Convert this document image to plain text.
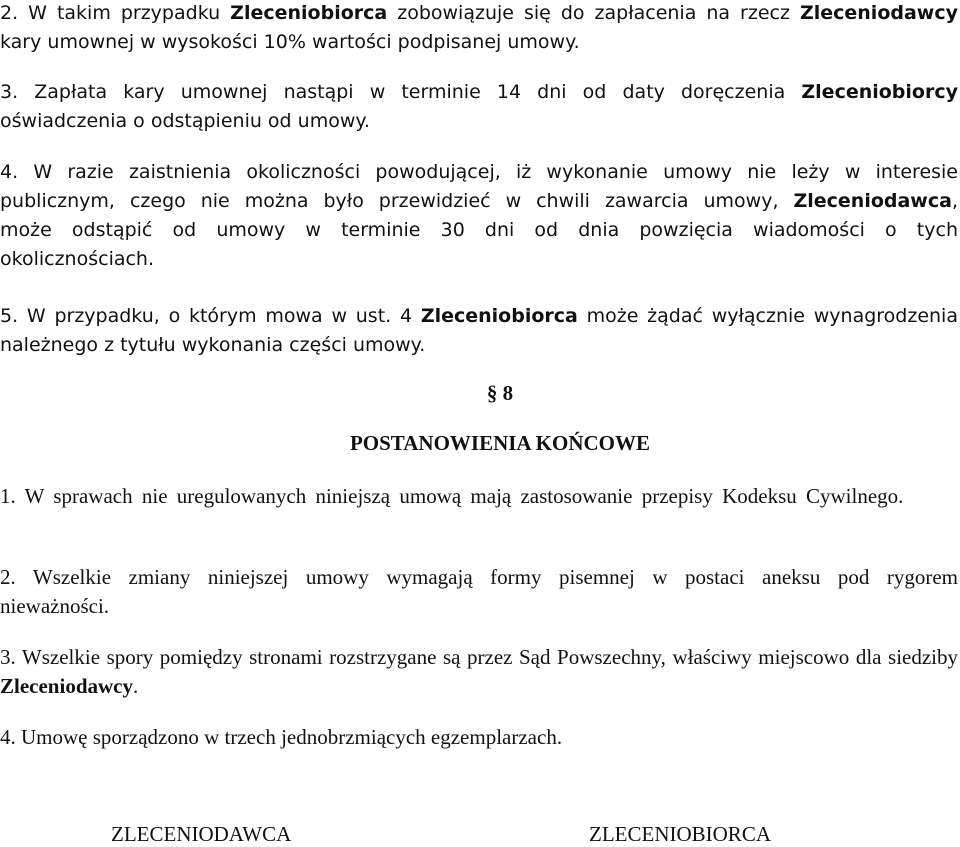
2. W takim przypadku Zleceniobiorca zobowiązuje się do zapłacenia na rzecz Zleceniodawcy kary umownej w wysokości 10% wartości podpisanej umowy.

3. Zapłata kary umownej nastąpi w terminie 14 dni od daty doręczenia Zleceniobiorcy oświadczenia o odstąpieniu od umowy.

4. W razie zaistnienia okoliczności powodującej, iż wykonanie umowy nie leży w interesie publicznym, czego nie można było przewidzieć w chwili zawarcia umowy, Zleceniodawca, może odstąpić od umowy w terminie 30 dni od dnia powzięcia wiadomości o tych okolicznościach.

5. W przypadku, o którym mowa w ust. 4 Zleceniobiorca może żądać wyłącznie wynagrodzenia należnego z tytułu wykonania części umowy.

§ 8
POSTANOWIENIA KOŃCOWE

1. W sprawach nie uregulowanych niniejszą umową mają zastosowanie przepisy Kodeksu Cywilnego.

2. Wszelkie zmiany niniejszej umowy wymagają formy pisemnej w postaci aneksu pod rygorem nieważności.

3. Wszelkie spory pomiędzy stronami rozstrzygane są przez Sąd Powszechny, właściwy miejscowo dla siedziby Zleceniodawcy.

4. Umowę sporządzono w trzech jednobrzmiących egzemplarzach.

ZLECENIODAWCA	ZLECENIOBIORCA
